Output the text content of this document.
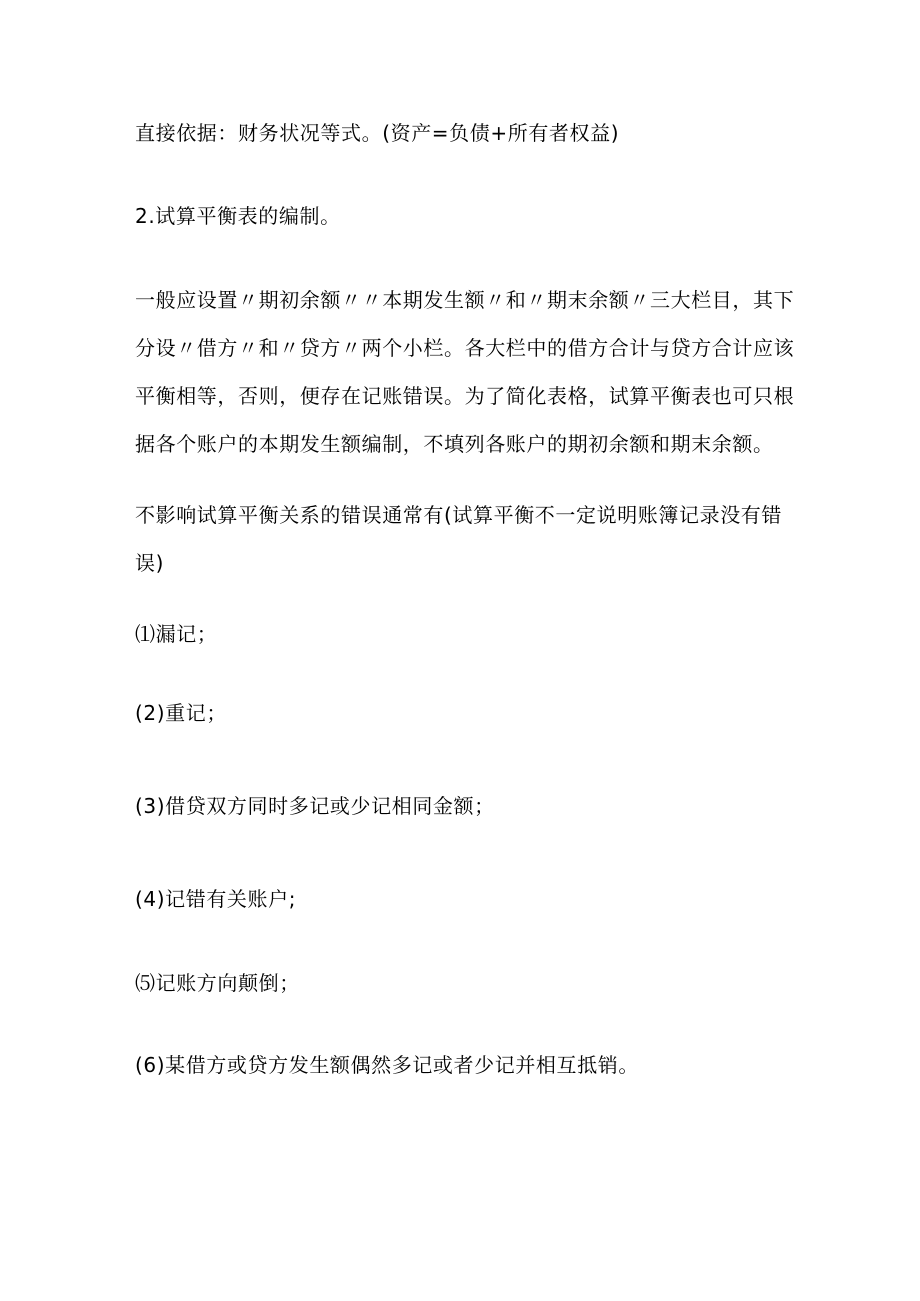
直接依据：财务状况等式。(资产=负债+所有者权益)
2.试算平衡表的编制。
一般应设置〃期初余额〃〃本期发生额〃和〃期末余额〃三大栏目，其下
分设〃借方〃和〃贷方〃两个小栏。各大栏中的借方合计与贷方合计应该
平衡相等，否则，便存在记账错误。为了简化表格，试算平衡表也可只根
据各个账户的本期发生额编制，不填列各账户的期初余额和期末余额。
不影响试算平衡关系的错误通常有(试算平衡不一定说明账簿记录没有错
误)
⑴漏记；
(2)重记；
(3)借贷双方同时多记或少记相同金额；
(4)记错有关账户;
⑸记账方向颠倒；
(6)某借方或贷方发生额偶然多记或者少记并相互抵销。
